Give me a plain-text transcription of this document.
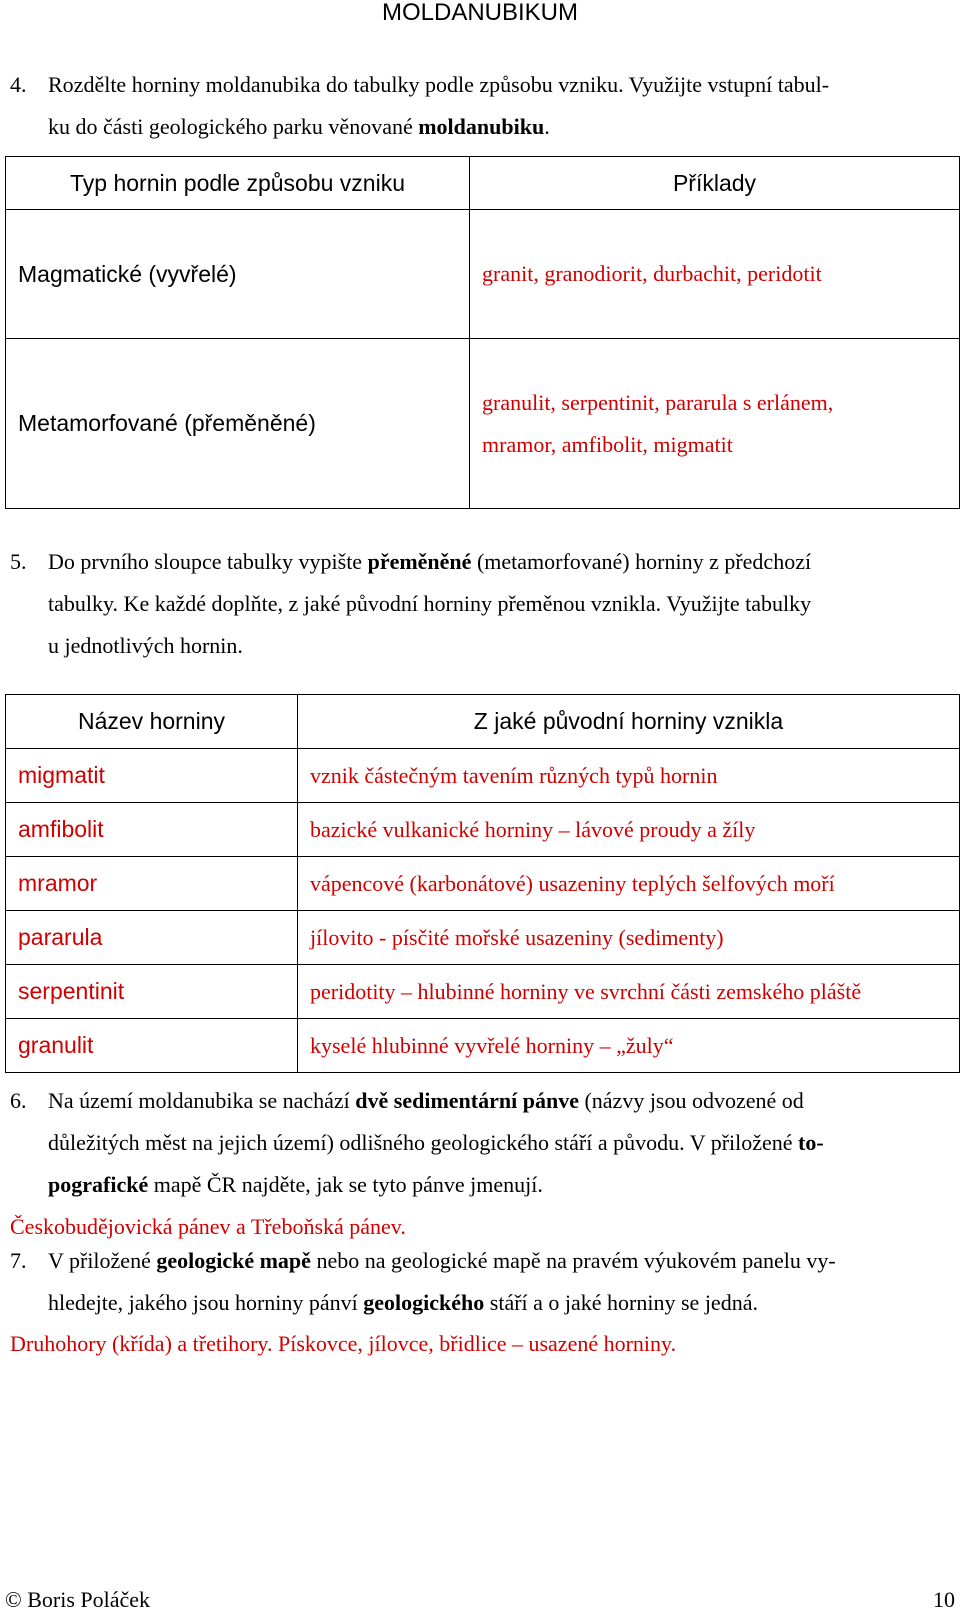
MOLDANUBIKUM
4. Rozdělte horniny moldanubika do tabulky podle způsobu vzniku. Využijte vstupní tabul-
ku do části geologického parku věnované moldanubiku.
Typ hornin podle způsobu vzniku	Příklady
Magmatické (vyvřelé)	granit, granodiorit, durbachit, peridotit

Metamorfované (přeměněné)	granulit, serpentinit, pararula s erlánem,
mramor, amfibolit, migmatit
5. Do prvního sloupce tabulky vypište přeměněné (metamorfované) horniny z předchozí
tabulky. Ke každé doplňte, z jaké původní horniny přeměnou vznikla. Využijte tabulky
u jednotlivých hornin.
Název horniny	Z jaké původní horniny vznikla
migmatit	vznik částečným tavením různých typů hornin
amfibolit	bazické vulkanické horniny – lávové proudy a žíly
mramor	vápencové (karbonátové) usazeniny teplých šelfových moří
pararula	jílovito - písčité mořské usazeniny (sedimenty)
serpentinit	peridotity – hlubinné horniny ve svrchní části zemského pláště
granulit	kyselé hlubinné vyvřelé horniny – „žuly“
6. Na území moldanubika se nachází dvě sedimentární pánve (názvy jsou odvozené od
důležitých měst na jejich území) odlišného geologického stáří a původu. V přiložené to-
pografické mapě ČR najděte, jak se tyto pánve jmenují.
Českobudějovická pánev a Třeboňská pánev.
7. V přiložené geologické mapě nebo na geologické mapě na pravém výukovém panelu vy-
hledejte, jakého jsou horniny pánví geologického stáří a o jaké horniny se jedná.
Druhohory (křída) a třetihory. Pískovce, jílovce, břidlice – usazené horniny.
© Boris Poláček	10
